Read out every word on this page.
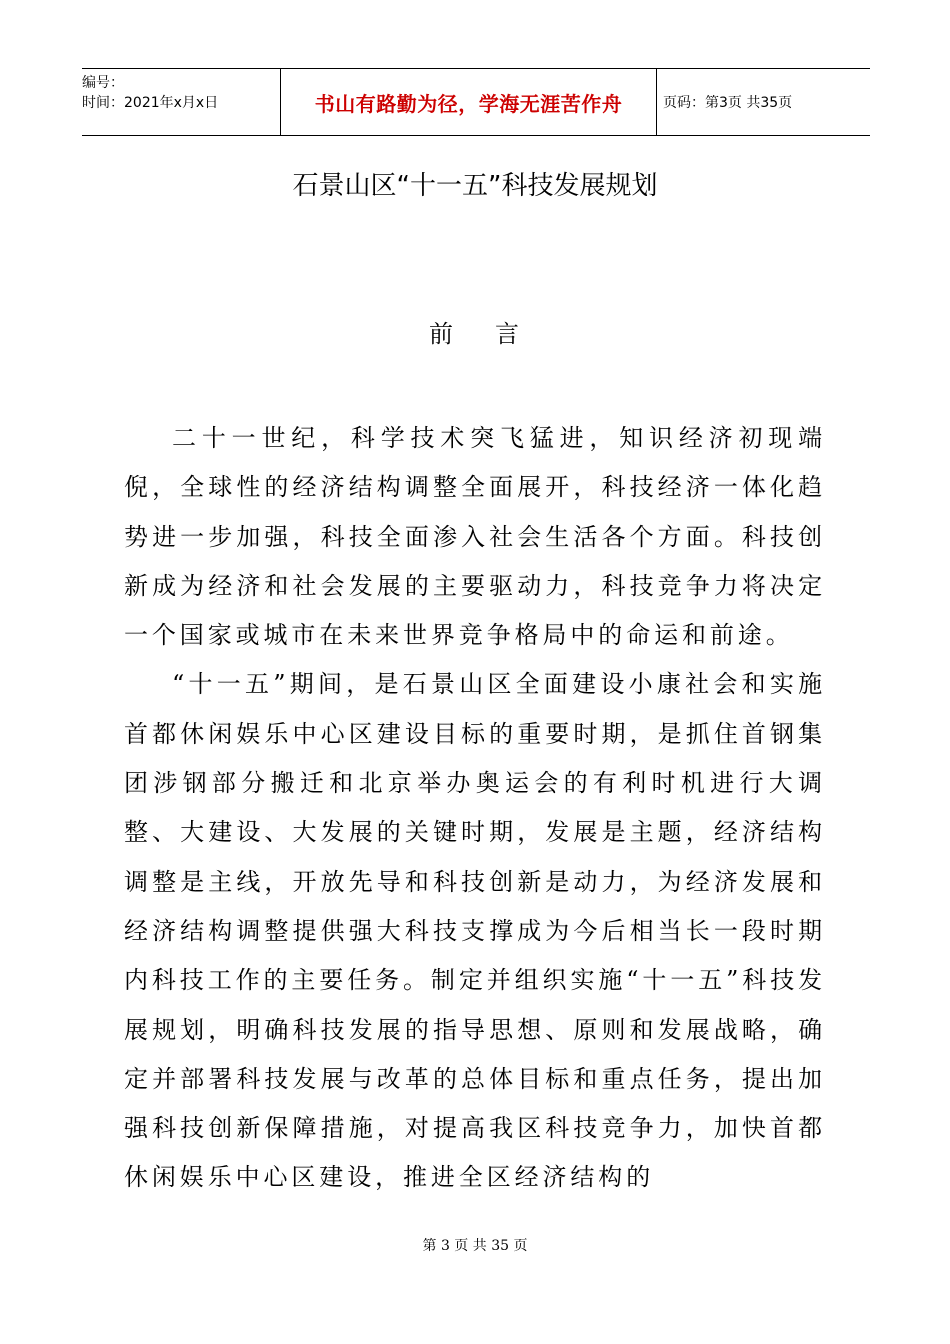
编号：
时间：2021年x月x日	书山有路勤为径，学海无涯苦作舟	页码：第3页 共35页
石景山区“十一五”科技发展规划
前 言

二十一世纪，科学技术突飞猛进，知识经济初现端倪，全球性的经济结构调整全面展开，科技经济一体化趋势进一步加强，科技全面渗入社会生活各个方面。科技创新成为经济和社会发展的主要驱动力，科技竞争力将决定一个国家或城市在未来世界竞争格局中的命运和前途。

“十一五”期间，是石景山区全面建设小康社会和实施首都休闲娱乐中心区建设目标的重要时期，是抓住首钢集团涉钢部分搬迁和北京举办奥运会的有利时机进行大调整、大建设、大发展的关键时期，发展是主题，经济结构调整是主线，开放先导和科技创新是动力，为经济发展和经济结构调整提供强大科技支撑成为今后相当长一段时期内科技工作的主要任务。制定并组织实施“十一五”科技发展规划，明确科技发展的指导思想、原则和发展战略，确定并部署科技发展与改革的总体目标和重点任务，提出加强科技创新保障措施，对提高我区科技竞争力，加快首都休闲娱乐中心区建设，推进全区经济结构的

第 3 页 共 35 页
